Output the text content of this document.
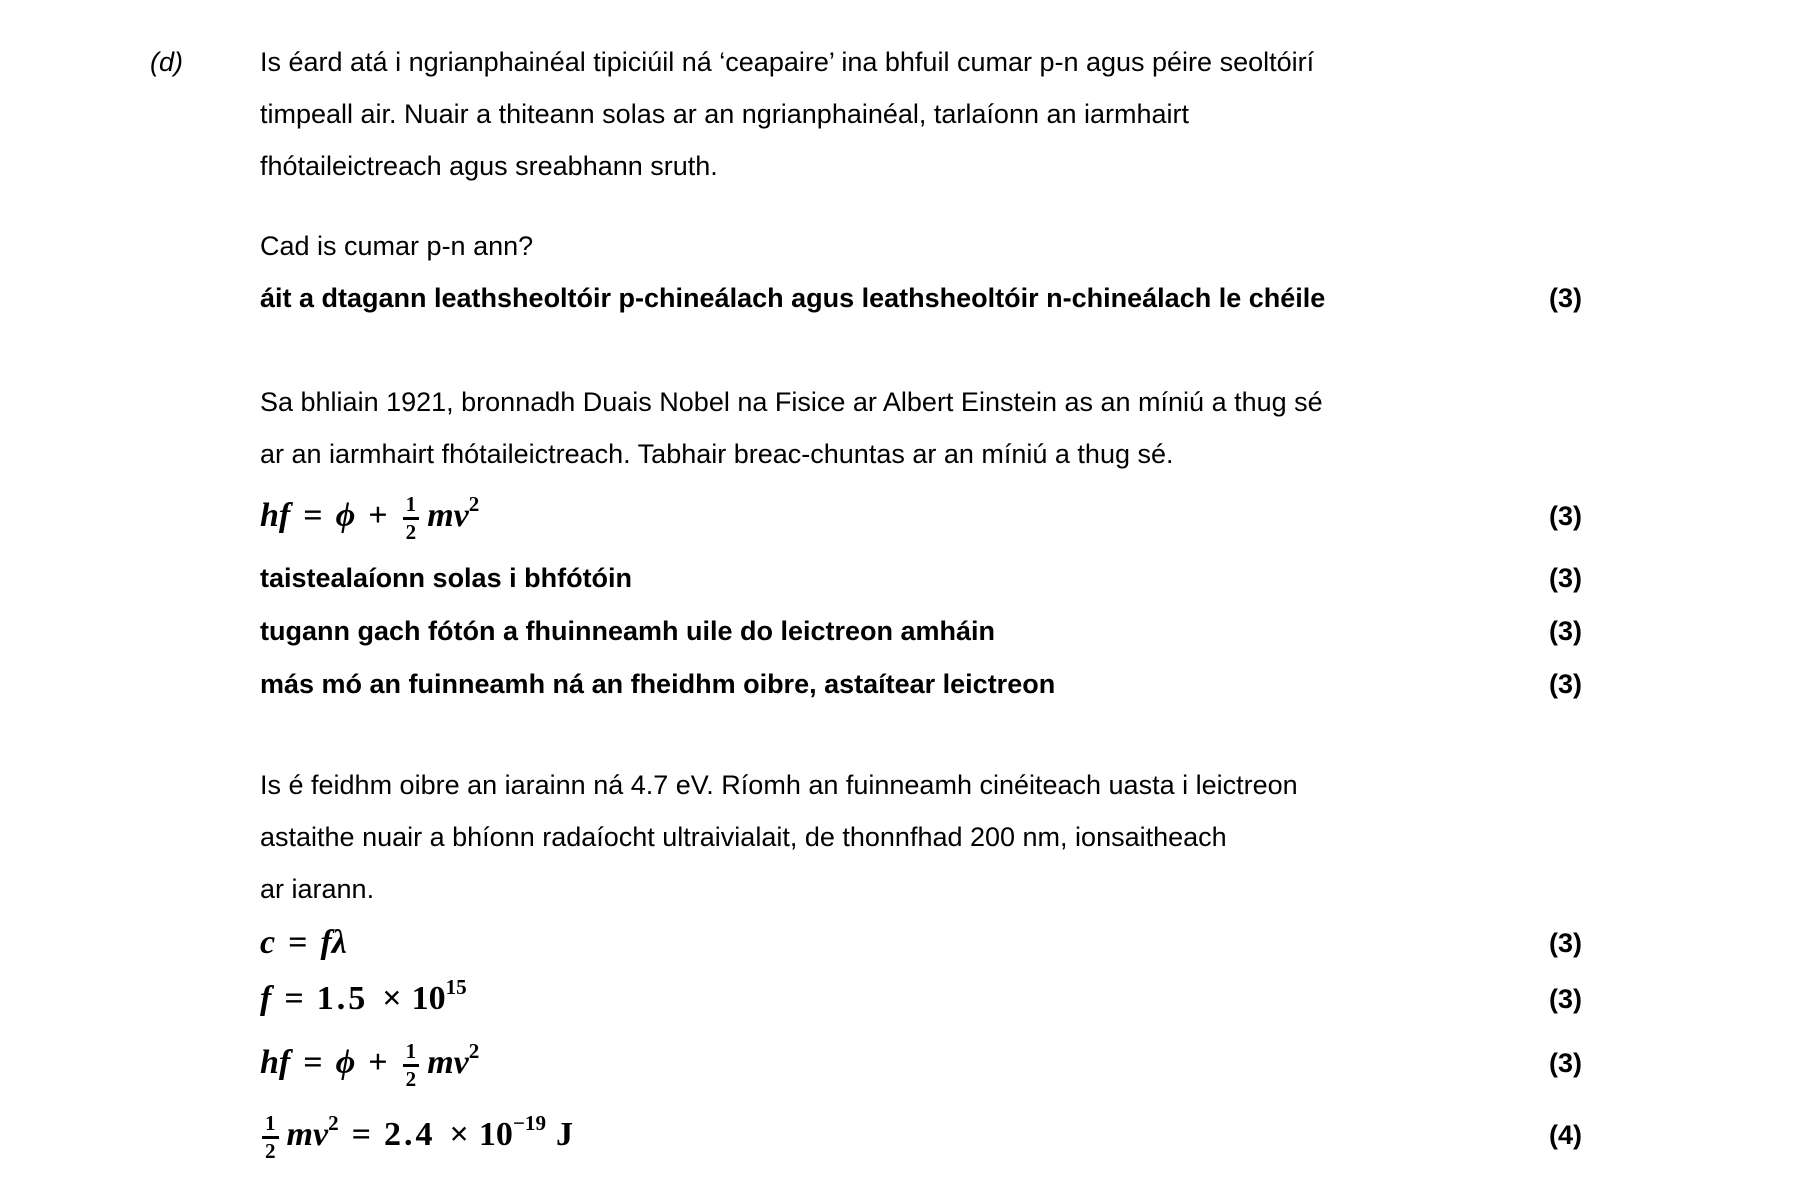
(d)	Is éard atá i ngrianphainéal tipiciúil ná ‘ceapaire’ ina bhfuil cumar p-n agus péire seoltóirí
timpeall air. Nuair a thiteann solas ar an ngrianphainéal, tarlaíonn an iarmhairt
fhótaileictreach agus sreabhann sruth.
Cad is cumar p-n ann?
áit a dtagann leathsheoltóir p-chineálach agus leathsheoltóir n-chineálach le chéile	(3)
Sa bhliain 1921, bronnadh Duais Nobel na Fisice ar Albert Einstein as an míniú a thug sé
ar an iarmhairt fhótaileictreach. Tabhair breac-chuntas ar an míniú a thug sé.
hf = $\phi + \frac{1}{2}$ mv 2	(3)
taistealaíonn solas i bhfótóin	(3)
tugann gach fótón a fhuinneamh uile do leictreon amháin	(3)
más mó an fuinneamh ná an fheidhm oibre, astaítear leictreon	(3)
Is é feidhm oibre an iarainn ná 4.7 eV. Ríomh an fuinneamh cinéiteach uasta i leictreon
astaithe nuair a bhíonn radaíocht ultraivialait, de thonnfhad 200 nm, ionsaitheach
ar iarann.
c = fλ	(3)
f = 1.5 × 10 15	(3)
hf = $\phi + \frac{1}{2}$ mv 2	(3)
$\frac{1}{2}$ mv 2 = 2.4 × 10 −19 J	(4)
